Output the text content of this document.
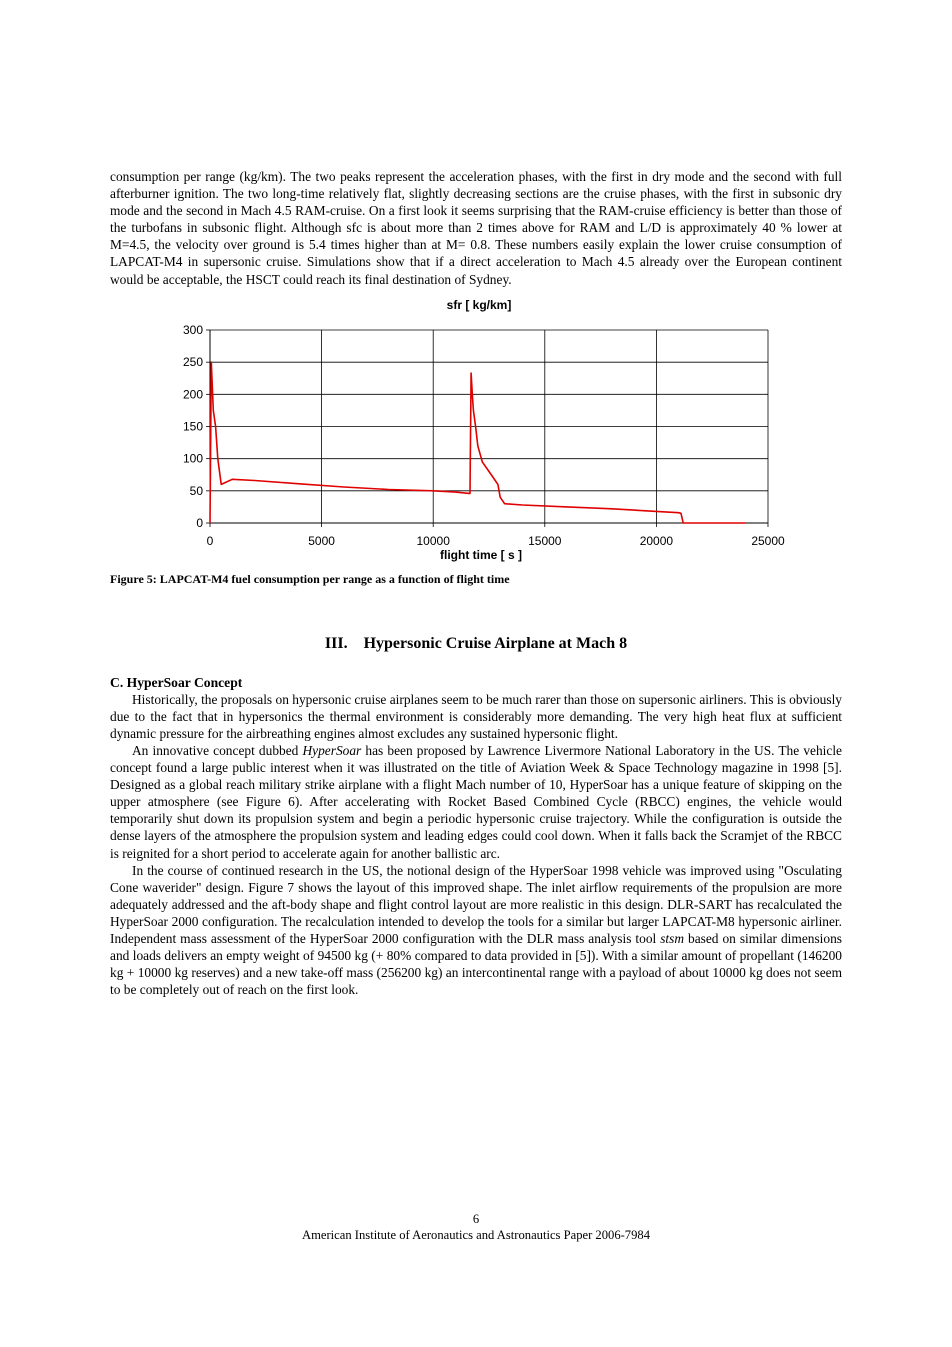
consumption per range (kg/km). The two peaks represent the acceleration phases, with the first in dry mode and the second with full afterburner ignition. The two long-time relatively flat, slightly decreasing sections are the cruise phases, with the first in subsonic dry mode and the second in Mach 4.5 RAM-cruise. On a first look it seems surprising that the RAM-cruise efficiency is better than those of the turbofans in subsonic flight. Although sfc is about more than 2 times above for RAM and L/D is approximately 40 % lower at M=4.5, the velocity over ground is 5.4 times higher than at M= 0.8. These numbers easily explain the lower cruise consumption of LAPCAT-M4 in supersonic cruise. Simulations show that if a direct acceleration to Mach 4.5 already over the European continent would be acceptable, the HSCT could reach its final destination of Sydney.

sfr [ kg/km]
0
50
100
150
200
250
300
0	5000	10000	15000	20000	25000
flight time [ s ]
Figure 5: LAPCAT-M4 fuel consumption per range as a function of flight time
III.    Hypersonic Cruise Airplane at Mach 8

C. HyperSoar Concept

Historically, the proposals on hypersonic cruise airplanes seem to be much rarer than those on supersonic airliners. This is obviously due to the fact that in hypersonics the thermal environment is considerably more demanding. The very high heat flux at sufficient dynamic pressure for the airbreathing engines almost excludes any sustained hypersonic flight.

An innovative concept dubbed HyperSoar has been proposed by Lawrence Livermore National Laboratory in the US. The vehicle concept found a large public interest when it was illustrated on the title of Aviation Week & Space Technology magazine in 1998 [5]. Designed as a global reach military strike airplane with a flight Mach number of 10, HyperSoar has a unique feature of skipping on the upper atmosphere (see Figure 6). After accelerating with Rocket Based Combined Cycle (RBCC) engines, the vehicle would temporarily shut down its propulsion system and begin a periodic hypersonic cruise trajectory. While the configuration is outside the dense layers of the atmosphere the propulsion system and leading edges could cool down. When it falls back the Scramjet of the RBCC is reignited for a short period to accelerate again for another ballistic arc.

In the course of continued research in the US, the notional design of the HyperSoar 1998 vehicle was improved using "Osculating Cone waverider" design. Figure 7 shows the layout of this improved shape. The inlet airflow requirements of the propulsion are more adequately addressed and the aft-body shape and flight control layout are more realistic in this design. DLR-SART has recalculated the HyperSoar 2000 configuration. The recalculation intended to develop the tools for a similar but larger LAPCAT-M8 hypersonic airliner. Independent mass assessment of the HyperSoar 2000 configuration with the DLR mass analysis tool stsm based on similar dimensions and loads delivers an empty weight of 94500 kg (+ 80% compared to data provided in [5]). With a similar amount of propellant (146200 kg + 10000 kg reserves) and a new take-off mass (256200 kg) an intercontinental range with a payload of about 10000 kg does not seem to be completely out of reach on the first look.

6
American Institute of Aeronautics and Astronautics Paper 2006-7984
